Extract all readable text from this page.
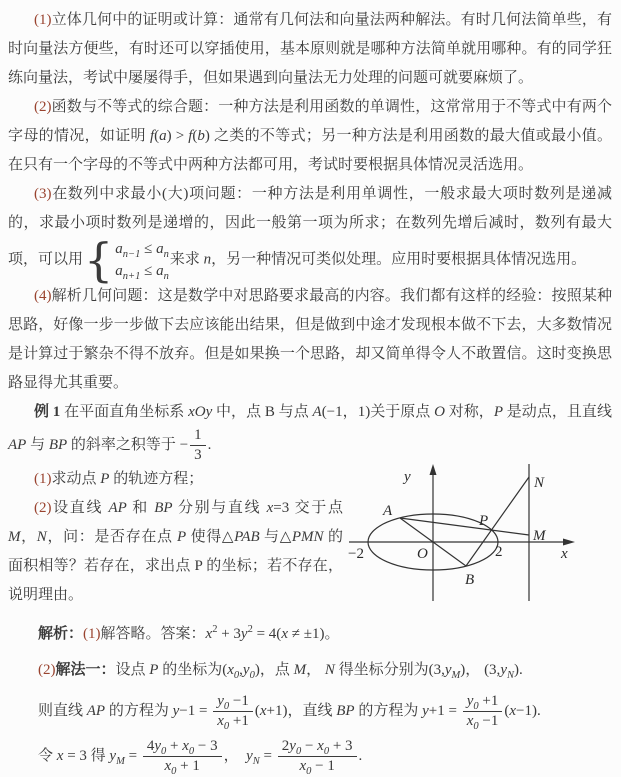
(1)立体几何中的证明或计算：通常有几何法和向量法两种解法。有时几何法简单些，有时向量法方便些，有时还可以穿插使用，基本原则就是哪种方法简单就用哪种。有的同学狂练向量法，考试中屡屡得手，但如果遇到向量法无力处理的问题可就要麻烦了。

(2)函数与不等式的综合题：一种方法是利用函数的单调性，这常常用于不等式中有两个字母的情况，如证明 f(a) > f(b) 之类的不等式；另一种方法是利用函数的最大值或最小值。在只有一个字母的不等式中两种方法都可用，考试时要根据具体情况灵活选用。

(3)在数列中求最小(大)项问题：一种方法是利用单调性，一般求最大项时数列是递减的，求最小项时数列是递增的，因此一般第一项为所求；在数列先增后减时，数列有最大项，可以用 { $a_{n-1} \le a_n$
$a_{n+1} \le a_n$
来求 n，另一种情况可类似处理。应用时要根据具体情况选用。

(4)解析几何问题：这是数学中对思路要求最高的内容。我们都有这样的经验：按照某种思路，好像一步一步做下去应该能出结果，但是做到中途才发现根本做不下去，大多数情况是计算过于繁杂不得不放弃。但是如果换一个思路，却又简单得令人不敢置信。这时变换思路显得尤其重要。

例 1 在平面直角坐标系 xOy 中，点 B 与点 A(−1，1)关于原点 O 对称，P 是动点，且直线 AP 与 BP 的斜率之积等于 − $\frac{1}{3}$ .

y
x
A
B
P
M
N
O
−2	2

(1)求动点 P 的轨迹方程；

(2)设直线 AP 和 BP 分别与直线 x=3 交于点 M，N，问：是否存在点 P 使得△PAB 与△PMN 的面积相等？若存在，求出点 P 的坐标；若不存在，说明理由。

解析：(1)解答略。答案：$x^2 + 3y^2 = 4(x \ne \pm 1)$。

(2)解法一：设点 P 的坐标为$(x_0,y_0)$，点 M， N 得坐标分别为$(3,y_M)$， $(3,y_N)$.

则直线 AP 的方程为 $y-1 = \frac{y_0 -1}{x_0 +1} (x+1)$，直线 BP 的方程为 $y+1 = \frac{y_0 +1}{x_0 -1} (x-1)$.

令 x = 3 得 $y_M = \frac{4y_0 + x_0 - 3}{x_0 + 1}$ ，　$y_N = \frac{2y_0 - x_0 + 3}{x_0 - 1}$ .
